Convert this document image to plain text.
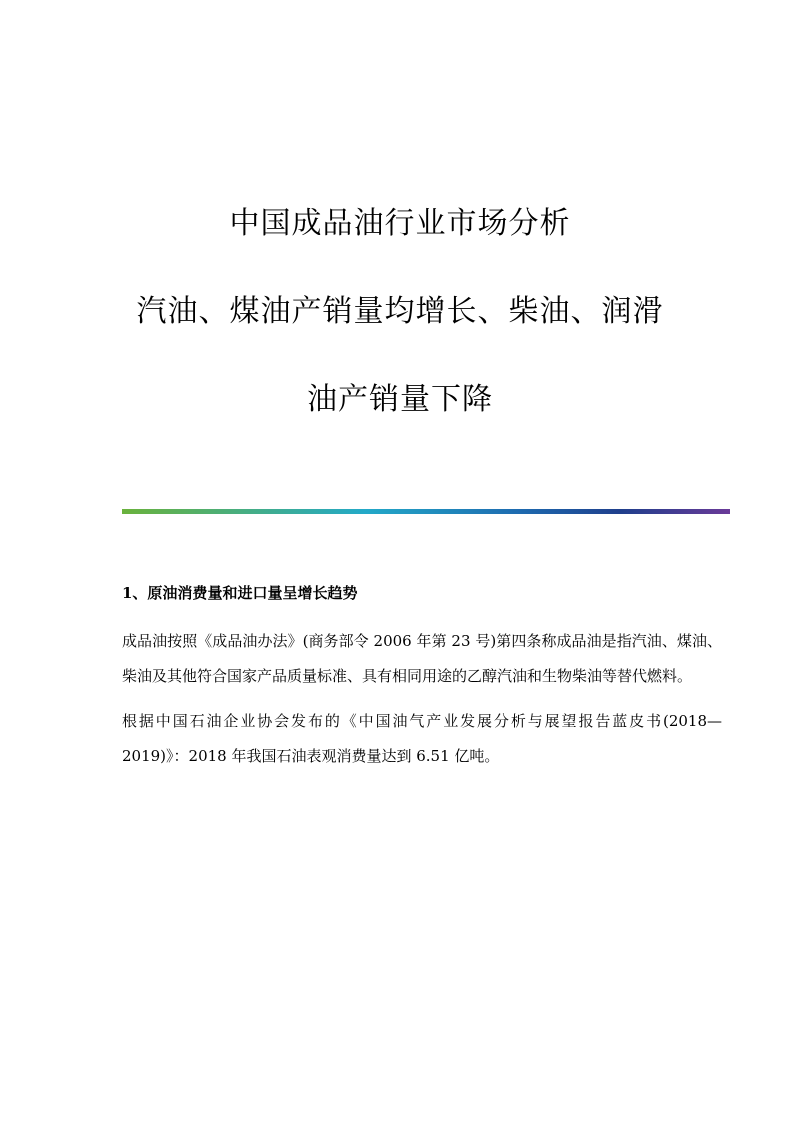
中国成品油行业市场分析
汽油、煤油产销量均增长、柴油、润滑
油产销量下降
1、原油消费量和进口量呈增长趋势

成品油按照《成品油办法》(商务部令 2006 年第 23 号)第四条称成品油是指汽油、煤油、柴油及其他符合国家产品质量标准、具有相同用途的乙醇汽油和生物柴油等替代燃料。

根据中国石油企业协会发布的《中国油气产业发展分析与展望报告蓝皮书(2018—2019)》：2018 年我国石油表观消费量达到 6.51 亿吨。
